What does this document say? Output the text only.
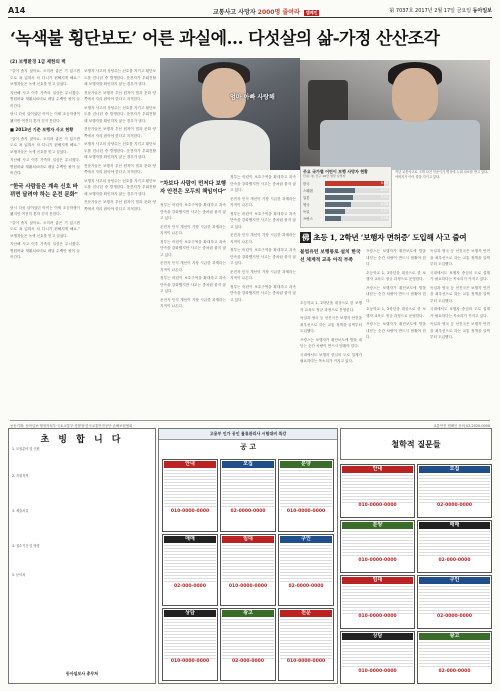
A14	교통사고 사망자 2000명 줄여라 캠페인	第 7037호 2017년 2월 17일 금요일 동아일보
‘녹색불 횡단보도’ 어른 과실에… 다섯살의 삶-가정 산산조각
(2) 보행환경 1급 제한의 벽

“길이 좁지 않아요. 오히려 좋은 거 있으면 도로 폭 넓혀서 차 다니기 편해지게 해요.” 보행자들은 녹색 신호를 믿고 걸었다.

지난해 사고 이후 가족의 일상은 무너졌다. 병원비와 재활치료비로 매달 수백만 원이 들어간다.

당시 다섯 살이었던 아이는 이제 초등학생이 됐지만 여전히 혼자 걷지 못한다.

■ 2013년 기준 보행자 사고 현황

“길이 좁지 않아요. 오히려 좋은 거 있으면 도로 폭 넓혀서 차 다니기 편해지게 해요.” 보행자들은 녹색 신호를 믿고 걸었다.

지난해 사고 이후 가족의 일상은 무너졌다. 병원비와 재활치료비로 매달 수백만 원이 들어간다.

“한국 사람들은 계속 신호 바뀌면 달려야 하는 운전 문화”

당시 다섯 살이었던 아이는 이제 초등학생이 됐지만 여전히 혼자 걷지 못한다.

“길이 좁지 않아요. 오히려 좋은 거 있으면 도로 폭 넓혀서 차 다니기 편해지게 해요.” 보행자들은 녹색 신호를 믿고 걸었다.

지난해 사고 이후 가족의 일상은 무너졌다. 병원비와 재활치료비로 매달 수백만 원이 들어간다.

보행자 사고의 상당수는 신호를 지키고 횡단보도를 건너던 중 발생한다. 운전자가 우회전할 때 보행자를 확인하지 않는 경우가 많다.

전문가들은 보행자 우선 원칙이 법과 문화 양쪽에서 자리 잡아야 한다고 지적한다.

보행자 사고의 상당수는 신호를 지키고 횡단보도를 건너던 중 발생한다. 운전자가 우회전할 때 보행자를 확인하지 않는 경우가 많다.

전문가들은 보행자 우선 원칙이 법과 문화 양쪽에서 자리 잡아야 한다고 지적한다.

보행자 사고의 상당수는 신호를 지키고 횡단보도를 건너던 중 발생한다. 운전자가 우회전할 때 보행자를 확인하지 않는 경우가 많다.

전문가들은 보행자 우선 원칙이 법과 문화 양쪽에서 자리 잡아야 한다고 지적한다.

보행자 사고의 상당수는 신호를 지키고 횡단보도를 건너던 중 발생한다. 운전자가 우회전할 때 보행자를 확인하지 않는 경우가 많다.

전문가들은 보행자 우선 원칙이 법과 문화 양쪽에서 자리 잡아야 한다고 지적한다.

엄마 아빠 사랑해
“차보다 사람이 먼저다 보행자 안전은 모두의 책임이다”

정부는 어린이 보호구역을 확대하고 과속 단속을 강화했지만 사고는 좀처럼 줄지 않고 있다.

운전자 인식 개선이 가장 시급한 과제라는 지적이 나온다.

정부는 어린이 보호구역을 확대하고 과속 단속을 강화했지만 사고는 좀처럼 줄지 않고 있다.

운전자 인식 개선이 가장 시급한 과제라는 지적이 나온다.

정부는 어린이 보호구역을 확대하고 과속 단속을 강화했지만 사고는 좀처럼 줄지 않고 있다.

운전자 인식 개선이 가장 시급한 과제라는 지적이 나온다.

정부는 어린이 보호구역을 확대하고 과속 단속을 강화했지만 사고는 좀처럼 줄지 않고 있다.

운전자 인식 개선이 가장 시급한 과제라는 지적이 나온다.

정부는 어린이 보호구역을 확대하고 과속 단속을 강화했지만 사고는 좀처럼 줄지 않고 있다.

운전자 인식 개선이 가장 시급한 과제라는 지적이 나온다.

정부는 어린이 보호구역을 확대하고 과속 단속을 강화했지만 사고는 좀처럼 줄지 않고 있다.

운전자 인식 개선이 가장 시급한 과제라는 지적이 나온다.

정부는 어린이 보호구역을 확대하고 과속 단속을 강화했지만 사고는 좀처럼 줄지 않고 있다.

주요 국가별 어린이 보행 사망자 현황
단위: 명, 인구 10만 명당 사망자
한국	0.64
스웨덴	0.33
일본	0.31
영국	0.28
독일	0.22
프랑스	0.18
작년 교통사고로 크게 다친 민준이가 병상에 누워 치료를 받고 있다. 아버지가 아이 곁을 지키고 있다.
佛 초등 1, 2학년 ‘보행자 면허증’ 도입해 사고 줄여
불법유턴 보행통로 설치 한국선 체계적 교육 아직 부족

프랑스는 보행자가 횡단보도에 발을 내딛는 순간 차량이 반드시 멈춰야 한다.

초등학교 1, 2학년을 대상으로 한 보행자 교육도 정규 과정으로 운영한다.

프랑스는 보행자가 횡단보도에 발을 내딛는 순간 차량이 반드시 멈춰야 한다.

초등학교 1, 2학년을 대상으로 한 보행자 교육도 정규 과정으로 운영한다.

프랑스는 보행자가 횡단보도에 발을 내딛는 순간 차량이 반드시 멈춰야 한다.

독일과 영국 등 선진국은 보행자 안전을 최우선으로 하는 교통 정책을 일찍부터 도입했다.

국내에서도 보행자 중심의 도로 설계가 필요하다는 목소리가 커지고 있다.

독일과 영국 등 선진국은 보행자 안전을 최우선으로 하는 교통 정책을 일찍부터 도입했다.

국내에서도 보행자 중심의 도로 설계가 필요하다는 목소리가 커지고 있다.

독일과 영국 등 선진국은 보행자 안전을 최우선으로 하는 교통 정책을 일찍부터 도입했다.

초등학교 1, 2학년을 대상으로 한 보행자 교육도 정규 과정으로 운영한다.

독일과 영국 등 선진국은 보행자 안전을 최우선으로 하는 교통 정책을 일찍부터 도입했다.

프랑스는 보행자가 횡단보도에 발을 내딛는 순간 차량이 반드시 멈춰야 한다.

국내에서도 보행자 중심의 도로 설계가 필요하다는 목소리가 커지고 있다.

공동기획: 동아일보·행정자치부·국토교통부·경찰청·한국교통안전공단·손해보험협회	교통안전 캠페인 문의 02-2020-0000
초 빙 합 니 다
1. 모집분야 및 인원
2. 지원자격
3. 제출서류
4. 접수기간 및 방법
5. 문의처
동아일보사 총무처
고용부 인가 공인 물류관리사 시험대비 특강
공 고
안내
010-0000-0000
모집
02-0000-0000
분양
010-0000-0000
매매
02-000-0000
임대
010-0000-0000
구인
02-0000-0000
상담
010-0000-0000
광고
02-000-0000
전문
010-0000-0000
철학적 질문들
안내
010-0000-0000
모집
02-0000-0000
분양
010-0000-0000
매매
02-000-0000
임대
010-0000-0000
구인
02-0000-0000
상담
010-0000-0000
광고
02-000-0000
